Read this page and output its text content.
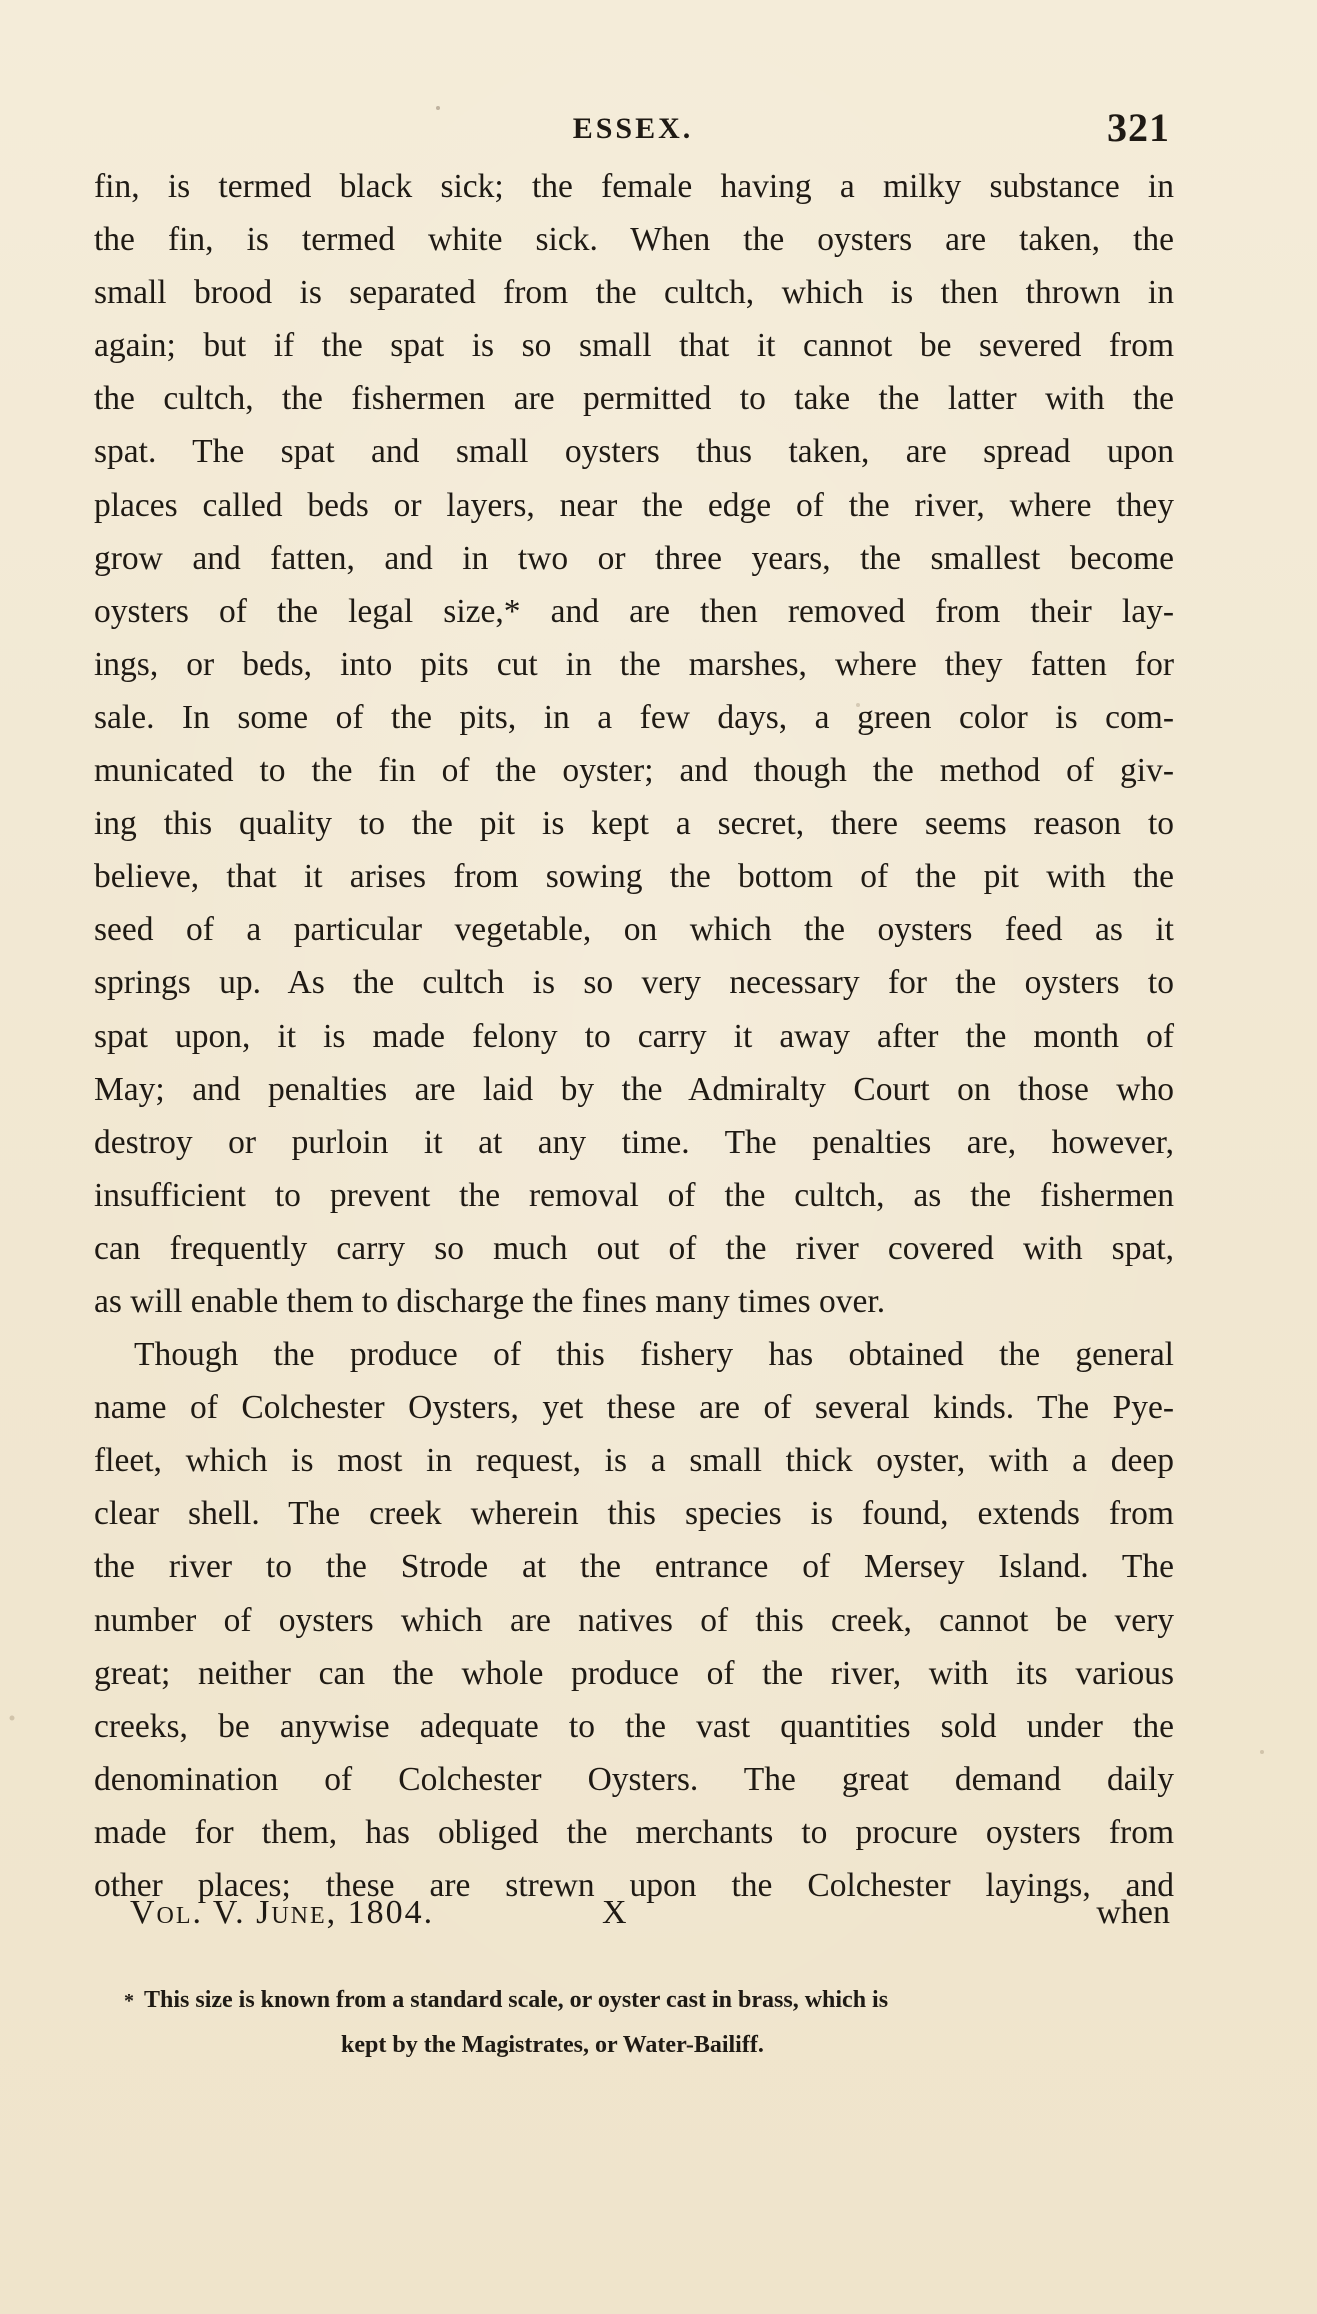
ESSEX.	321
fin, is termed black sick; the female having a milky substance in
the fin, is termed white sick. When the oysters are taken, the
small brood is separated from the cultch, which is then thrown in
again; but if the spat is so small that it cannot be severed from
the cultch, the fishermen are permitted to take the latter with the
spat. The spat and small oysters thus taken, are spread upon
places called beds or layers, near the edge of the river, where they
grow and fatten, and in two or three years, the smallest become
oysters of the legal size,* and are then removed from their lay-
ings, or beds, into pits cut in the marshes, where they fatten for
sale. In some of the pits, in a few days, a green color is com-
municated to the fin of the oyster; and though the method of giv-
ing this quality to the pit is kept a secret, there seems reason to
believe, that it arises from sowing the bottom of the pit with the
seed of a particular vegetable, on which the oysters feed as it
springs up. As the cultch is so very necessary for the oysters to
spat upon, it is made felony to carry it away after the month of
May; and penalties are laid by the Admiralty Court on those who
destroy or purloin it at any time. The penalties are, however,
insufficient to prevent the removal of the cultch, as the fishermen
can frequently carry so much out of the river covered with spat,
as will enable them to discharge the fines many times over.
Though the produce of this fishery has obtained the general
name of Colchester Oysters, yet these are of several kinds. The Pye-
fleet, which is most in request, is a small thick oyster, with a deep
clear shell. The creek wherein this species is found, extends from
the river to the Strode at the entrance of Mersey Island. The
number of oysters which are natives of this creek, cannot be very
great; neither can the whole produce of the river, with its various
creeks, be anywise adequate to the vast quantities sold under the
denomination of Colchester Oysters. The great demand daily
made for them, has obliged the merchants to procure oysters from
other places; these are strewn upon the Colchester layings, and
Vol. V. June, 1804.	X	when
* This size is known from a standard scale, or oyster cast in brass, which is
kept by the Magistrates, or Water-Bailiff.
